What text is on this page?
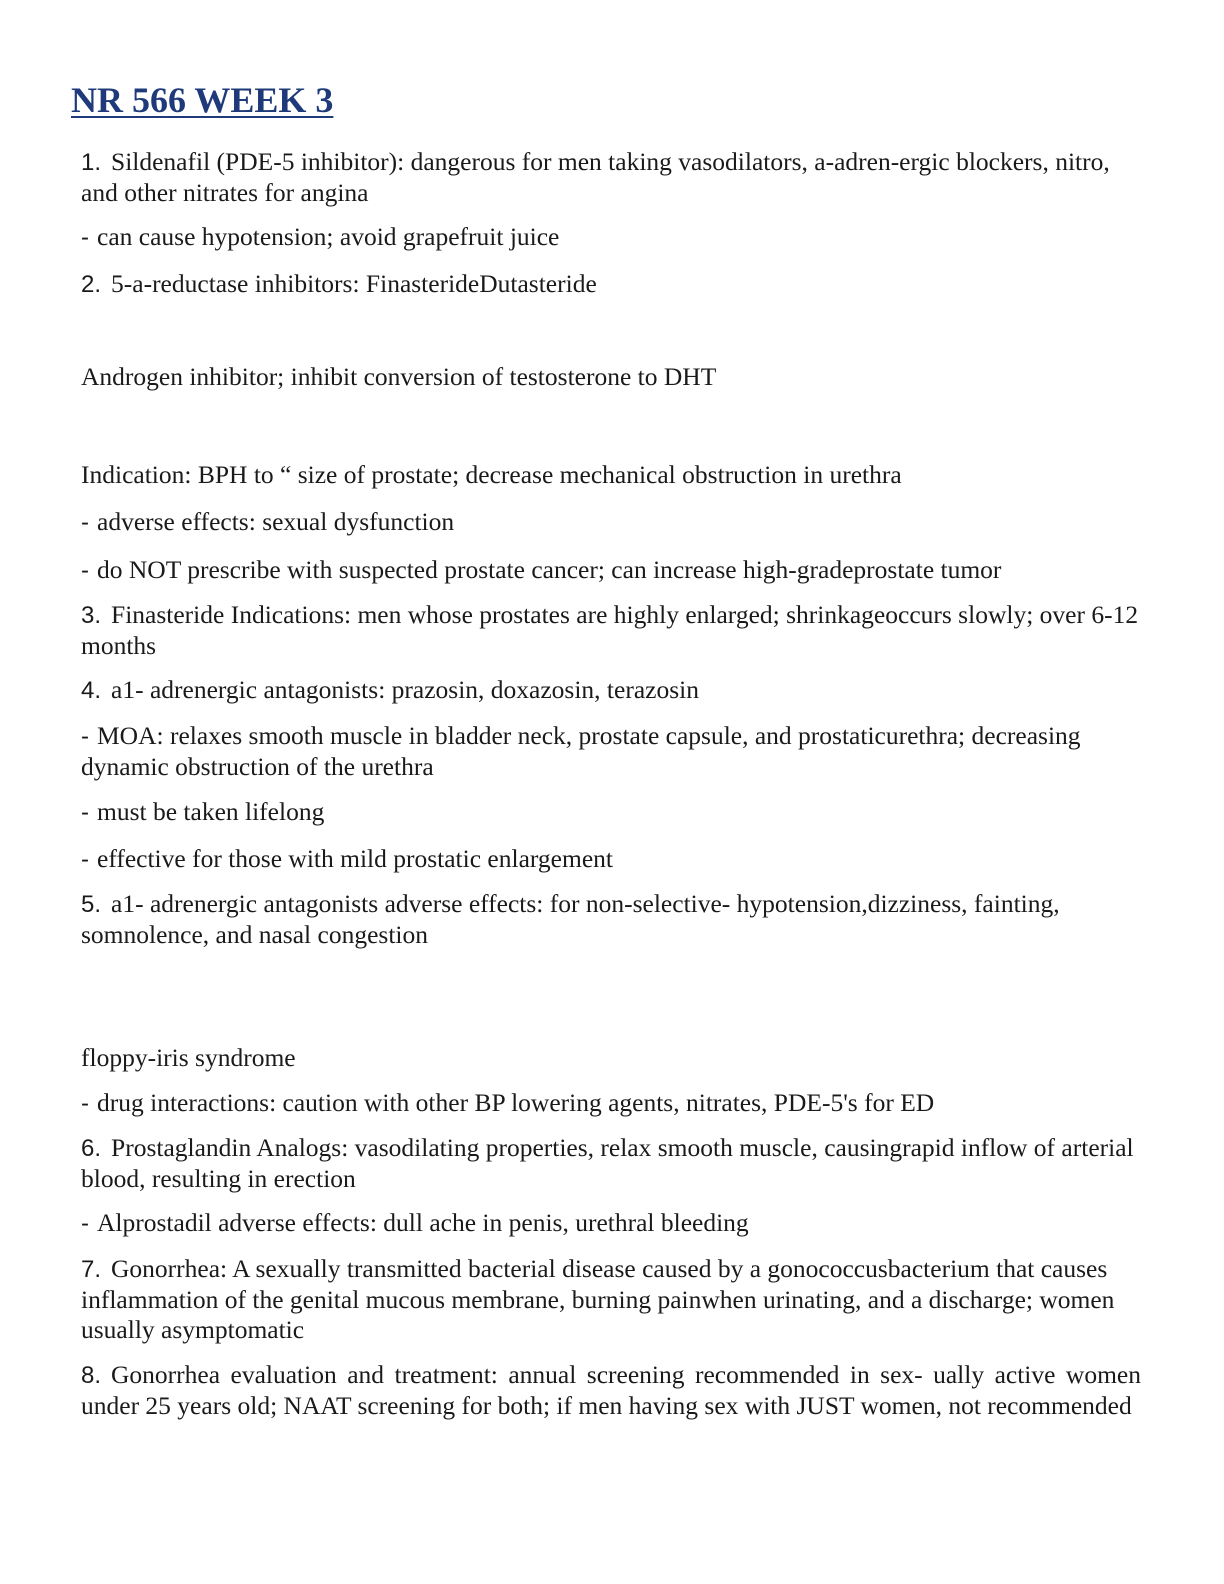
NR 566 WEEK 3

1. Sildenafil (PDE-5 inhibitor): dangerous for men taking vasodilators, a-adren-ergic blockers, nitro, and other nitrates for angina

- can cause hypotension; avoid grapefruit juice

2. 5-a-reductase inhibitors: FinasterideDutasteride

Androgen inhibitor; inhibit conversion of testosterone to DHT

Indication: BPH to “ size of prostate; decrease mechanical obstruction in urethra

- adverse effects: sexual dysfunction

- do NOT prescribe with suspected prostate cancer; can increase high-gradeprostate tumor

3. Finasteride Indications: men whose prostates are highly enlarged; shrinkageoccurs slowly; over 6-12 months

4. a1- adrenergic antagonists: prazosin, doxazosin, terazosin

- MOA: relaxes smooth muscle in bladder neck, prostate capsule, and prostaticurethra; decreasing dynamic obstruction of the urethra

- must be taken lifelong

- effective for those with mild prostatic enlargement

5. a1- adrenergic antagonists adverse effects: for non-selective- hypotension,dizziness, fainting, somnolence, and nasal congestion

floppy-iris syndrome

- drug interactions: caution with other BP lowering agents, nitrates, PDE-5's for ED

6. Prostaglandin Analogs: vasodilating properties, relax smooth muscle, causingrapid inflow of arterial blood, resulting in erection

- Alprostadil adverse effects: dull ache in penis, urethral bleeding

7. Gonorrhea: A sexually transmitted bacterial disease caused by a gonococcusbacterium that causes inflammation of the genital mucous membrane, burning painwhen urinating, and a discharge; women usually asymptomatic

8. Gonorrhea evaluation and treatment: annual screening recommended in sex- ually active women under 25 years old; NAAT screening for both; if men having sex with JUST women, not recommended
